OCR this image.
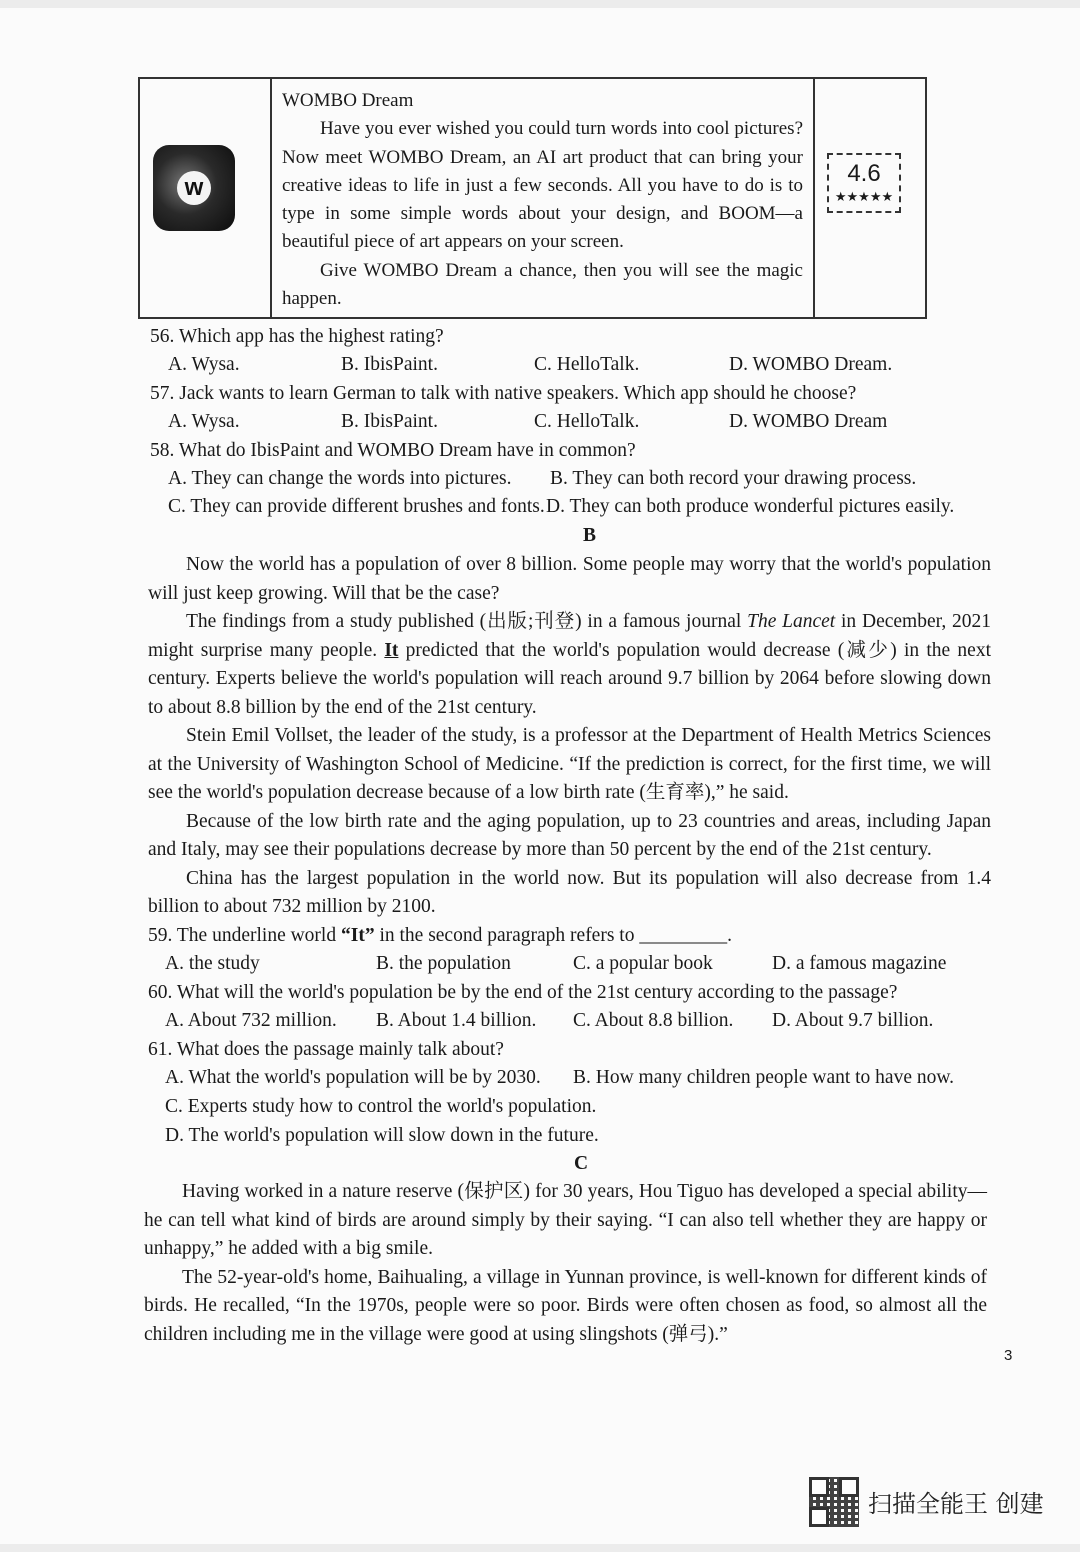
w
WOMBO Dream
Have you ever wished you could turn words into cool pictures? Now meet WOMBO Dream, an AI art product that can bring your creative ideas to life in just a few seconds. All you have to do is to type in some simple words about your design, and BOOM—a beautiful piece of art appears on your screen.
Give WOMBO Dream a chance, then you will see the magic happen.
4.6
★★★★★
56. Which app has the highest rating?
A. Wysa.	B. IbisPaint.	C. HelloTalk.	D. WOMBO Dream.
57. Jack wants to learn German to talk with native speakers. Which app should he choose?
A. Wysa.	B. IbisPaint.	C. HelloTalk.	D. WOMBO Dream
58. What do IbisPaint and WOMBO Dream have in common?
A. They can change the words into pictures. B. They can both record your drawing process.
C. They can provide different brushes and fonts. D. They can both produce wonderful pictures easily.
B

Now the world has a population of over 8 billion. Some people may worry that the world's population will just keep growing. Will that be the case?

The findings from a study published (出版;刊登) in a famous journal The Lancet in December, 2021 might surprise many people. It predicted that the world's population would decrease (减少) in the next century. Experts believe the world's population will reach around 9.7 billion by 2064 before slowing down to about 8.8 billion by the end of the 21st century.

Stein Emil Vollset, the leader of the study, is a professor at the Department of Health Metrics Sciences at the University of Washington School of Medicine. “If the prediction is correct, for the first time, we will see the world's population decrease because of a low birth rate (生育率),” he said.

Because of the low birth rate and the aging population, up to 23 countries and areas, including Japan and Italy, may see their populations decrease by more than 50 percent by the end of the 21st century.

China has the largest population in the world now. But its population will also decrease from 1.4 billion to about 732 million by 2100.

59. The underline world “It” in the second paragraph refers to _________.
A. the study	B. the population	C. a popular book	D. a famous magazine
60. What will the world's population be by the end of the 21st century according to the passage?
A. About 732 million. B. About 1.4 billion. C. About 8.8 billion. D. About 9.7 billion.
61. What does the passage mainly talk about?
A. What the world's population will be by 2030. B. How many children people want to have now.
C. Experts study how to control the world's population.
D. The world's population will slow down in the future.
C

Having worked in a nature reserve (保护区) for 30 years, Hou Tiguo has developed a special ability—he can tell what kind of birds are around simply by their saying. “I can also tell whether they are happy or unhappy,” he added with a big smile.

The 52-year-old's home, Baihualing, a village in Yunnan province, is well-known for different kinds of birds. He recalled, “In the 1970s, people were so poor. Birds were often chosen as food, so almost all the children including me in the village were good at using slingshots (弹弓).”

3
扫描全能王 创建
